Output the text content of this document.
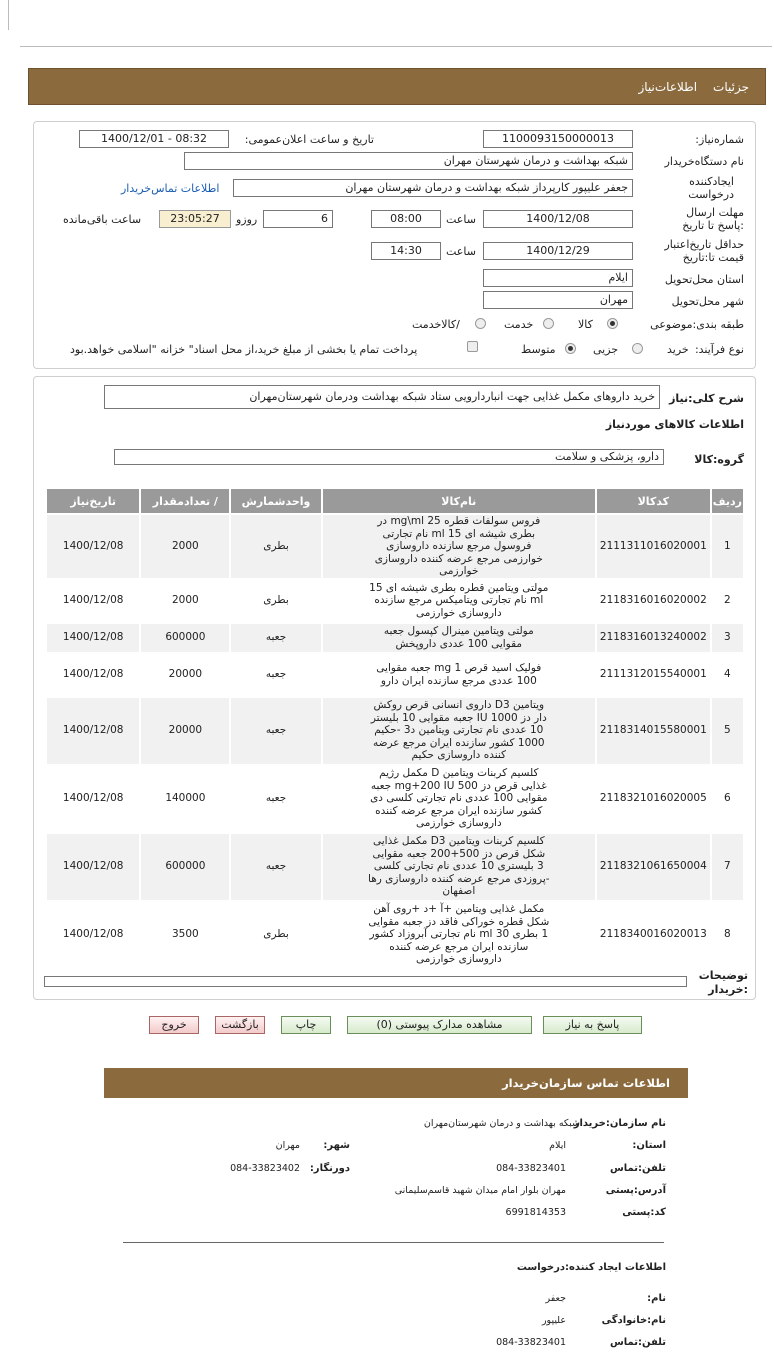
جزئیات
اطلاعات‌نیاز
شماره‌نیاز:
1100093150000013
تاریخ و ساعت اعلان‌عمومی:
1400/12/01 - 08:32
نام دستگاه‌خریدار
شبکه بهداشت و درمان شهرستان مهران
ایجادکننده درخواست
جعفر علیپور کارپرداز شبکه بهداشت و درمان شهرستان مهران
اطلاعات تماس‌خریدار
مهلت ارسال :پاسخ تا تاریخ
1400/12/08
ساعت
08:00
6
روزو
23:05:27
ساعت باقی‌مانده
حداقل تاریخ‌اعتبار قیمت تا:تاریخ
1400/12/29
ساعت
14:30
استان محل‌تحویل
ایلام
شهر محل‌تحویل
مهران
طبقه بندی:موضوعی
کالا
خدمت
/کالاخدمت
نوع فرآیند:
خرید
جزیی
متوسط
پرداخت تمام یا بخشی از مبلغ خرید،از محل اسناد" خزانه "اسلامی خواهد.بود
شرح کلی:نیاز
خرید داروهای مکمل غذایی جهت انباردارویی ستاد شبکه بهداشت ودرمان شهرستان‌مهران
اطلاعات کالاهای موردنیاز
گروه:کالا
دارو، پزشکی و سلامت
ردیف	کدکالا	نام‌کالا	واحدشمارش	/ تعدادمقدار	تاریخ‌نیاز
1	2111311016020001	فروس سولفات قطره 25 mg\ml در بطری شیشه ای 15 ml نام تجارتی فروسول مرجع سازنده داروسازی خوارزمی مرجع عرضه کننده داروسازی خوارزمی	بطری	2000	1400/12/08
2	2118316016020002	مولتی ویتامین قطره بطری شیشه ای 15 ml نام تجارتی ویتامیکس مرجع سازنده داروسازی خوارزمی	بطری	2000	1400/12/08
3	2118316013240002	مولتی ویتامین مینرال کپسول جعبه مقوایی 100 عددی داروپخش	جعبه	600000	1400/12/08
4	2111312015540001	فولیک اسید قرص 1 mg جعبه مقوایی 100 عددی مرجع سازنده ایران دارو	جعبه	20000	1400/12/08
5	2118314015580001	ویتامین D3 داروی انسانی قرص روکش دار دز 1000 IU جعبه مقوایی 10 بلیستر 10 عددی نام تجارتی ویتامین د3 -حکیم 1000 کشور سازنده ایران مرجع عرضه کننده داروسازی حکیم	جعبه	20000	1400/12/08
6	2118321016020005	کلسیم کربنات ویتامین D مکمل رژیم غذایی قرص دز 500 mg+200 IU جعبه مقوایی 100 عددی نام تجارتی کلسی دی کشور سازنده ایران مرجع عرضه کننده داروسازی خوارزمی	جعبه	140000	1400/12/08
7	2118321061650004	کلسیم کربنات ویتامین D3 مکمل غذایی شکل قرص دز 500+200 جعبه مقوایی 3 بلیستری 10 عددی نام تجارتی کلسی -پروزدی مرجع عرضه کننده داروسازی رها اصفهان	جعبه	600000	1400/12/08
8	2118340016020013	مکمل غذایی ویتامین +آ +د +روی آهن شکل قطره خوراکی فاقد دز جعبه مقوایی 1 بطری 30 ml نام تجارتی آبروزاد کشور سازنده ایران مرجع عرضه کننده داروسازی خوارزمی	بطری	3500	1400/12/08
توضیحات :خریدار
پاسخ به نیاز
مشاهده مدارک پیوستی (0)
چاپ
بازگشت
خروج
اطلاعات تماس سازمان‌خریدار
نام سازمان:خریدار
شبکه بهداشت و درمان شهرستان‌مهران
استان:
ایلام
شهر:
مهران
تلفن:تماس
084-33823401
دورنگار:
084-33823402
آدرس:پستی
مهران بلوار امام میدان شهید قاسم‌سلیمانی
کد:پستی
6991814353
اطلاعات ایجاد کننده:درخواست
نام:
جعفر
نام:خانوادگی
علیپور
تلفن:تماس
084-33823401
